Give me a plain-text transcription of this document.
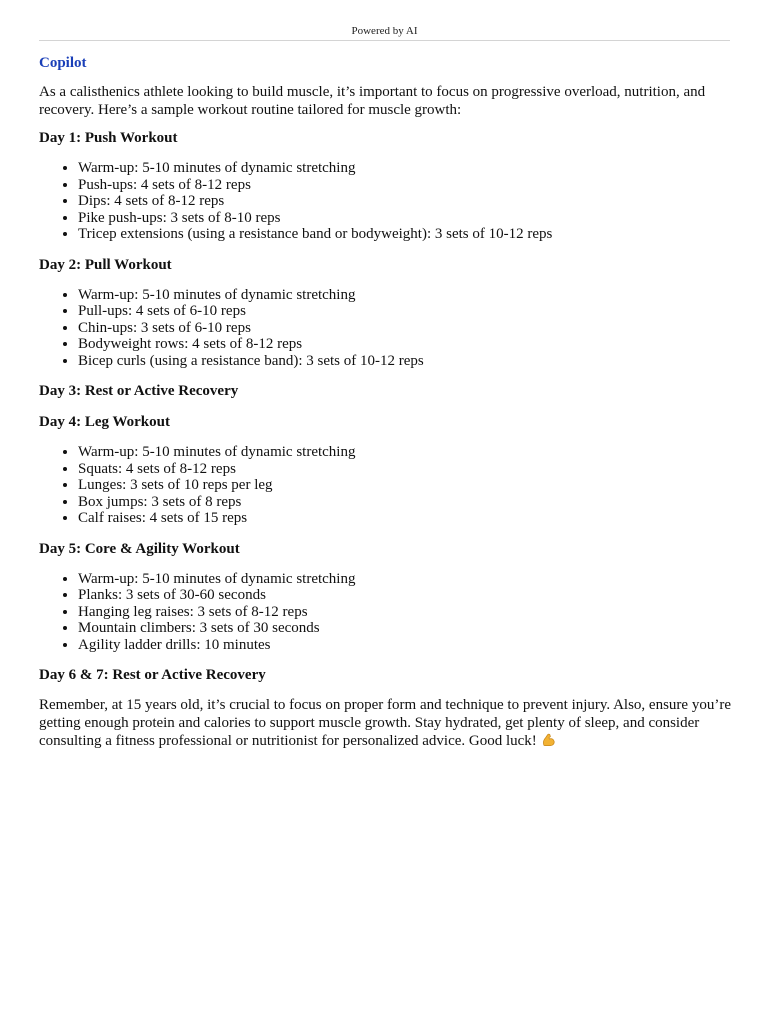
Powered by AI
Copilot

As a calisthenics athlete looking to build muscle, it’s important to focus on progressive overload, nutrition, and recovery. Here’s a sample workout routine tailored for muscle growth:

Day 1: Push Workout
• Warm-up: 5-10 minutes of dynamic stretching
• Push-ups: 4 sets of 8-12 reps
• Dips: 4 sets of 8-12 reps
• Pike push-ups: 3 sets of 8-10 reps
• Tricep extensions (using a resistance band or bodyweight): 3 sets of 10-12 reps
Day 2: Pull Workout
• Warm-up: 5-10 minutes of dynamic stretching
• Pull-ups: 4 sets of 6-10 reps
• Chin-ups: 3 sets of 6-10 reps
• Bodyweight rows: 4 sets of 8-12 reps
• Bicep curls (using a resistance band): 3 sets of 10-12 reps
Day 3: Rest or Active Recovery
Day 4: Leg Workout
• Warm-up: 5-10 minutes of dynamic stretching
• Squats: 4 sets of 8-12 reps
• Lunges: 3 sets of 10 reps per leg
• Box jumps: 3 sets of 8 reps
• Calf raises: 4 sets of 15 reps
Day 5: Core & Agility Workout
• Warm-up: 5-10 minutes of dynamic stretching
• Planks: 3 sets of 30-60 seconds
• Hanging leg raises: 3 sets of 8-12 reps
• Mountain climbers: 3 sets of 30 seconds
• Agility ladder drills: 10 minutes
Day 6 & 7: Rest or Active Recovery

Remember, at 15 years old, it’s crucial to focus on proper form and technique to prevent injury. Also, ensure you’re getting enough protein and calories to support muscle growth. Stay hydrated, get plenty of sleep, and consider consulting a fitness professional or nutritionist for personalized advice. Good luck!
